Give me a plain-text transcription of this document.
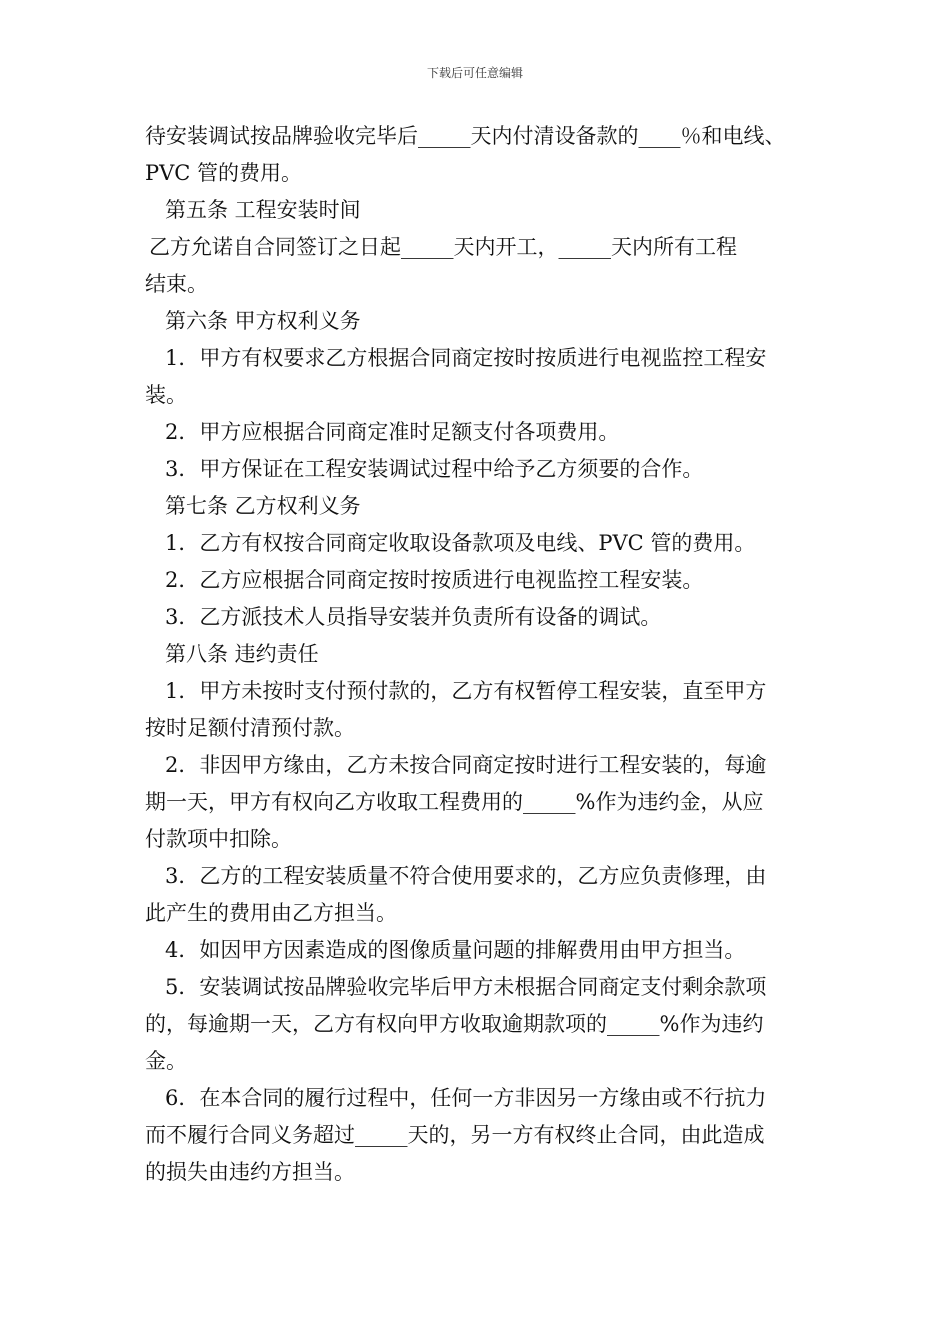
下载后可任意编辑

待安装调试按品牌验收完毕后_____天内付清设备款的____％和电线、

PVC 管的费用。

第五条 工程安装时间

乙方允诺自合同签订之日起_____天内开工，_____天内所有工程

结束。

第六条 甲方权利义务

1．甲方有权要求乙方根据合同商定按时按质进行电视监控工程安

装。

2．甲方应根据合同商定准时足额支付各项费用。

3．甲方保证在工程安装调试过程中给予乙方须要的合作。

第七条 乙方权利义务

1．乙方有权按合同商定收取设备款项及电线、PVC 管的费用。

2．乙方应根据合同商定按时按质进行电视监控工程安装。

3．乙方派技术人员指导安装并负责所有设备的调试。

第八条 违约责任

1．甲方未按时支付预付款的，乙方有权暂停工程安装，直至甲方

按时足额付清预付款。

2．非因甲方缘由，乙方未按合同商定按时进行工程安装的，每逾

期一天，甲方有权向乙方收取工程费用的_____%作为违约金，从应

付款项中扣除。

3．乙方的工程安装质量不符合使用要求的，乙方应负责修理，由

此产生的费用由乙方担当。

4．如因甲方因素造成的图像质量问题的排解费用由甲方担当。

5．安装调试按品牌验收完毕后甲方未根据合同商定支付剩余款项

的，每逾期一天，乙方有权向甲方收取逾期款项的_____%作为违约

金。

6．在本合同的履行过程中，任何一方非因另一方缘由或不行抗力

而不履行合同义务超过_____天的，另一方有权终止合同，由此造成

的损失由违约方担当。
